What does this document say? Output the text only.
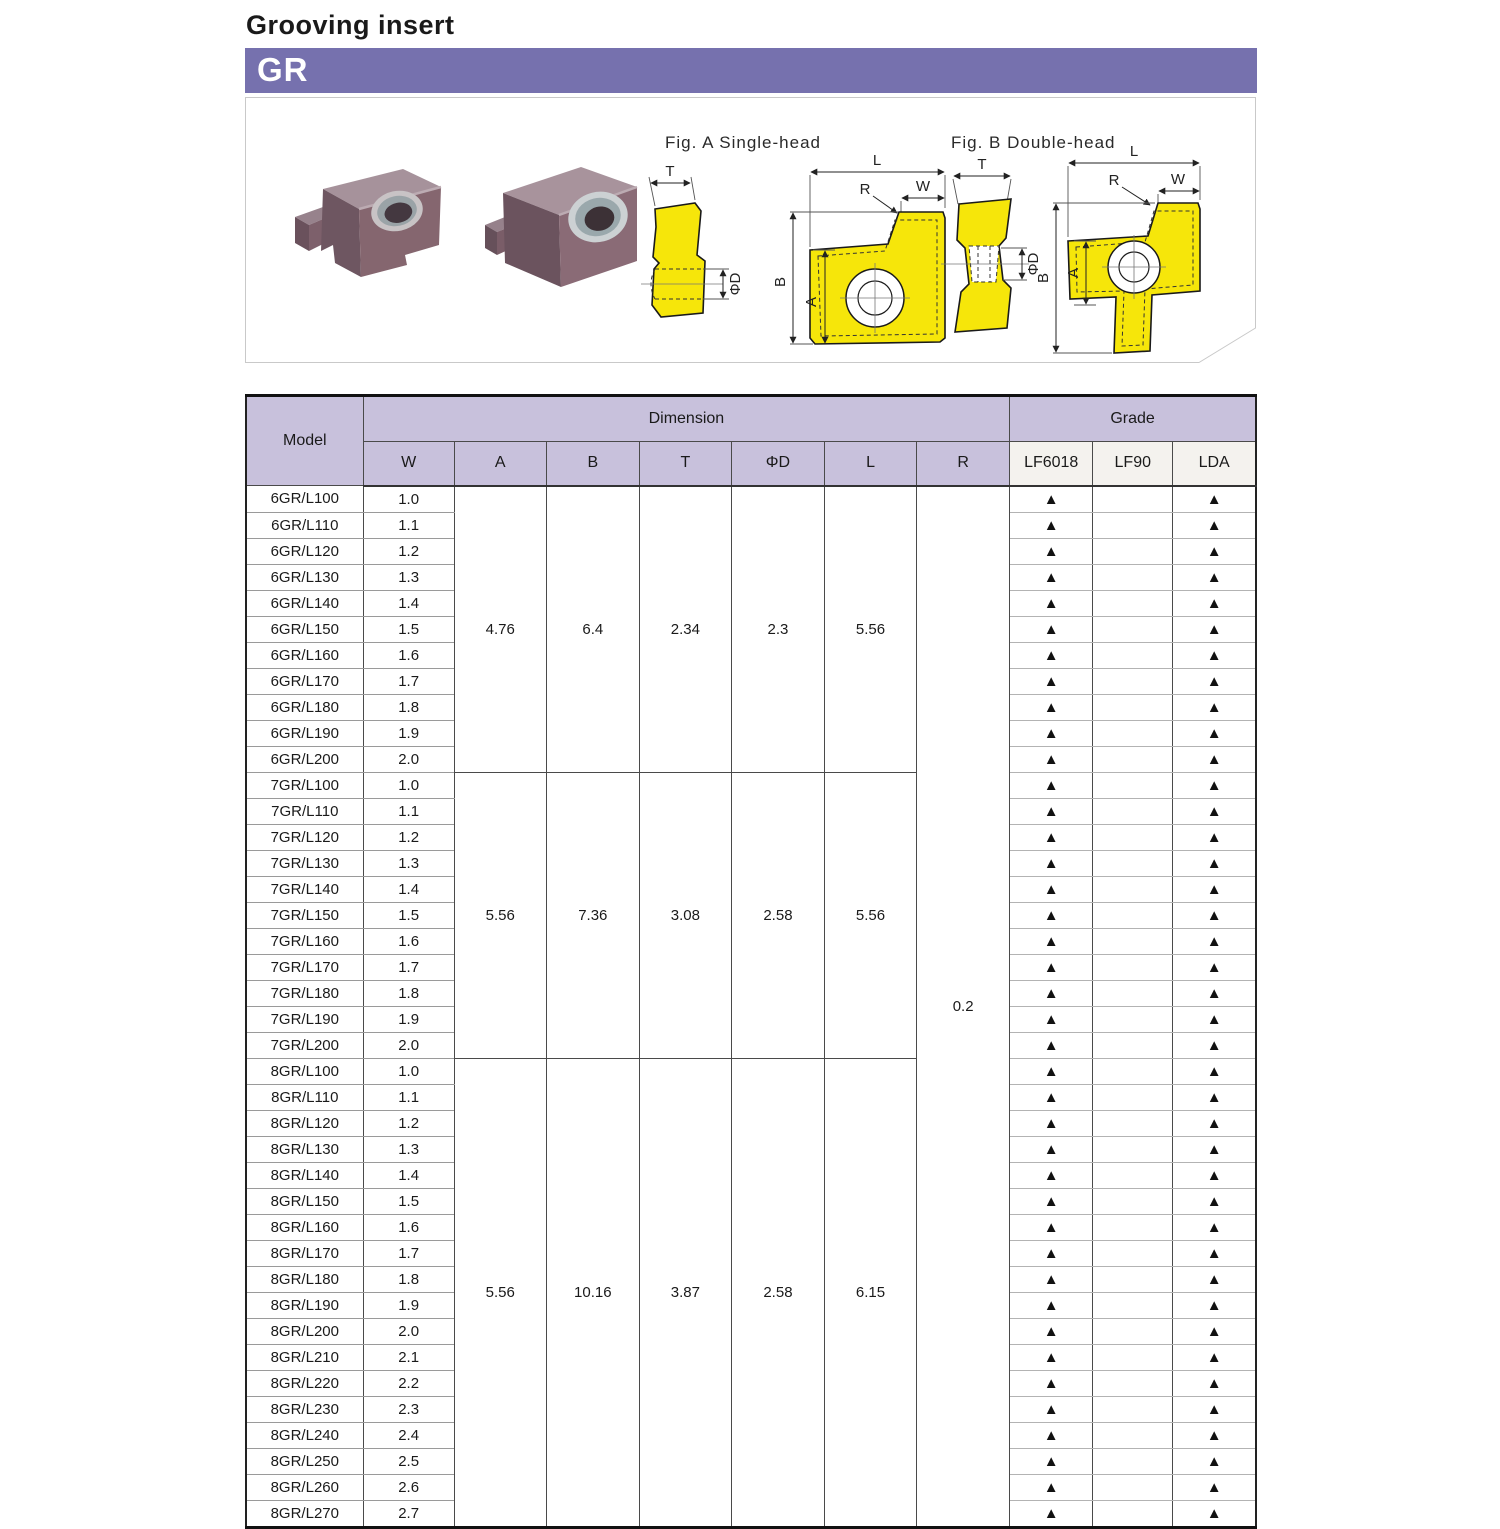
Grooving insert
GR
Fig. A Single-head	Fig. B Double-head
T
ΦD
L
W
R
B
A
T
ΦD
L
W
R
B A
Model	Dimension							Grade		
	W	A	B	T	ΦD	L	R	LF6018	LF90	LDA
6GR/L100	1.0	4.76	6.4	2.34	2.3	5.56	0.2	▲		▲
6GR/L110	1.1							▲		▲
6GR/L120	1.2							▲		▲
6GR/L130	1.3							▲		▲
6GR/L140	1.4							▲		▲
6GR/L150	1.5							▲		▲
6GR/L160	1.6							▲		▲
6GR/L170	1.7							▲		▲
6GR/L180	1.8							▲		▲
6GR/L190	1.9							▲		▲
6GR/L200	2.0							▲		▲
7GR/L100	1.0	5.56	7.36	3.08	2.58	5.56		▲		▲
7GR/L110	1.1							▲		▲
7GR/L120	1.2							▲		▲
7GR/L130	1.3							▲		▲
7GR/L140	1.4							▲		▲
7GR/L150	1.5							▲		▲
7GR/L160	1.6							▲		▲
7GR/L170	1.7							▲		▲
7GR/L180	1.8							▲		▲
7GR/L190	1.9							▲		▲
7GR/L200	2.0							▲		▲
8GR/L100	1.0	5.56	10.16	3.87	2.58	6.15		▲		▲
8GR/L110	1.1							▲		▲
8GR/L120	1.2							▲		▲
8GR/L130	1.3							▲		▲
8GR/L140	1.4							▲		▲
8GR/L150	1.5							▲		▲
8GR/L160	1.6							▲		▲
8GR/L170	1.7							▲		▲
8GR/L180	1.8							▲		▲
8GR/L190	1.9							▲		▲
8GR/L200	2.0							▲		▲
8GR/L210	2.1							▲		▲
8GR/L220	2.2							▲		▲
8GR/L230	2.3							▲		▲
8GR/L240	2.4							▲		▲
8GR/L250	2.5							▲		▲
8GR/L260	2.6							▲		▲
8GR/L270	2.7							▲		▲
